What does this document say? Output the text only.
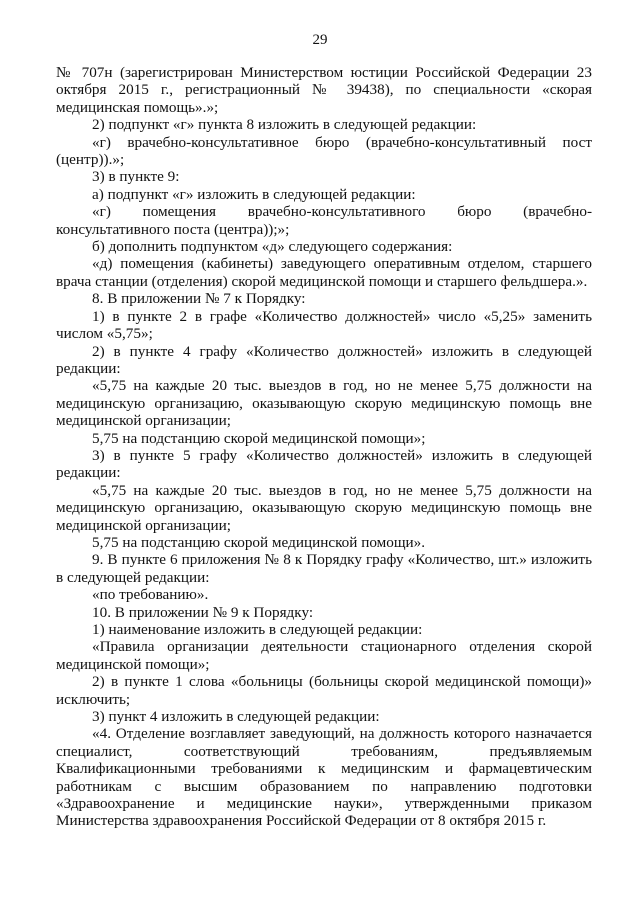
29

№ 707н (зарегистрирован Министерством юстиции Российской Федерации 23 октября 2015 г., регистрационный № 39438), по специальности «скорая медицинская помощь».»;

2) подпункт «г» пункта 8 изложить в следующей редакции:

«г) врачебно-консультативное бюро (врачебно-консультативный пост (центр)).»;

3) в пункте 9:

а) подпункт «г» изложить в следующей редакции:

«г) помещения врачебно-консультативного бюро (врачебно-консультативного поста (центра));»;

б) дополнить подпунктом «д» следующего содержания:

«д) помещения (кабинеты) заведующего оперативным отделом, старшего врача станции (отделения) скорой медицинской помощи и старшего фельдшера.».

8. В приложении № 7 к Порядку:

1) в пункте 2 в графе «Количество должностей» число «5,25» заменить числом «5,75»;

2) в пункте 4 графу «Количество должностей» изложить в следующей редакции:

«5,75 на каждые 20 тыс. выездов в год, но не менее 5,75 должности на медицинскую организацию, оказывающую скорую медицинскую помощь вне медицинской организации;

5,75 на подстанцию скорой медицинской помощи»;

3) в пункте 5 графу «Количество должностей» изложить в следующей редакции:

«5,75 на каждые 20 тыс. выездов в год, но не менее 5,75 должности на медицинскую организацию, оказывающую скорую медицинскую помощь вне медицинской организации;

5,75 на подстанцию скорой медицинской помощи».

9. В пункте 6 приложения № 8 к Порядку графу «Количество, шт.» изложить в следующей редакции:

«по требованию».

10. В приложении № 9 к Порядку:

1) наименование изложить в следующей редакции:

«Правила организации деятельности стационарного отделения скорой медицинской помощи»;

2) в пункте 1 слова «больницы (больницы скорой медицинской помощи)» исключить;

3) пункт 4 изложить в следующей редакции:

«4. Отделение возглавляет заведующий, на должность которого назначается специалист, соответствующий требованиям, предъявляемым Квалификационными требованиями к медицинским и фармацевтическим работникам с высшим образованием по направлению подготовки «Здравоохранение и медицинские науки», утвержденными приказом Министерства здравоохранения Российской Федерации от 8 октября 2015 г.
